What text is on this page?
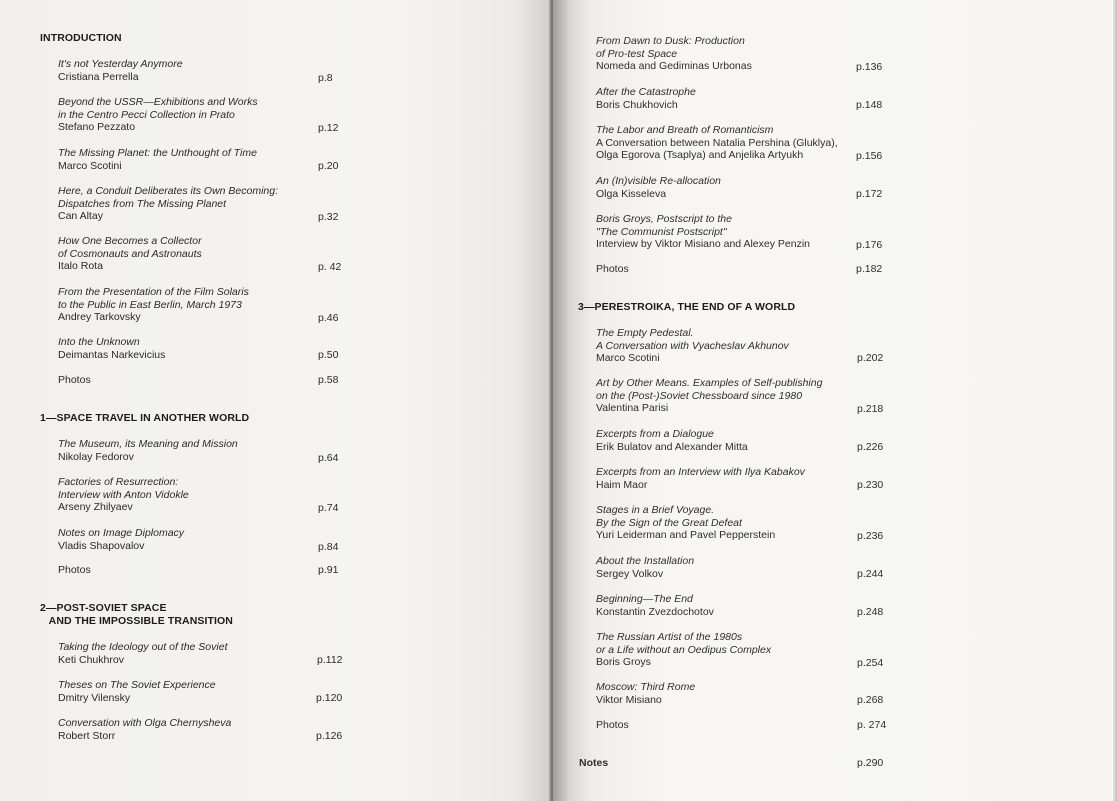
INTRODUCTION
It's not Yesterday Anymore
Cristiana Perrella	p.8
Beyond the USSR—Exhibitions and Works
in the Centro Pecci Collection in Prato
Stefano Pezzato	p.12
The Missing Planet: the Unthought of Time
Marco Scotini	p.20
Here, a Conduit Deliberates its Own Becoming:
Dispatches from The Missing Planet
Can Altay	p.32
How One Becomes a Collector
of Cosmonauts and Astronauts
Italo Rota	p. 42
From the Presentation of the Film Solaris
to the Public in East Berlin, March 1973
Andrey Tarkovsky	p.46
Into the Unknown
Deimantas Narkevicius	p.50
Photos	p.58
1—SPACE TRAVEL IN ANOTHER WORLD
The Museum, its Meaning and Mission
Nikolay Fedorov	p.64
Factories of Resurrection:
Interview with Anton Vidokle
Arseny Zhilyaev	p.74
Notes on Image Diplomacy
Vladis Shapovalov	p.84
Photos	p.91
2—POST-SOVIET SPACE
AND THE IMPOSSIBLE TRANSITION
Taking the Ideology out of the Soviet
Keti Chukhrov	p.112
Theses on The Soviet Experience
Dmitry Vilensky	p.120
Conversation with Olga Chernysheva
Robert Storr	p.126
From Dawn to Dusk: Production
of Pro-test Space
Nomeda and Gediminas Urbonas	p.136
After the Catastrophe
Boris Chukhovich	p.148
The Labor and Breath of Romanticism
A Conversation between Natalia Pershina (Gluklya),
Olga Egorova (Tsaplya) and Anjelika Artyukh	p.156
An (In)visible Re-allocation
Olga Kisseleva	p.172
Boris Groys, Postscript to the
"The Communist Postscript"
Interview by Viktor Misiano and Alexey Penzin	p.176
Photos	p.182
3—PERESTROIKA, THE END OF A WORLD
The Empty Pedestal.
A Conversation with Vyacheslav Akhunov
Marco Scotini	p.202
Art by Other Means. Examples of Self-publishing
on the (Post-)Soviet Chessboard since 1980
Valentina Parisi	p.218
Excerpts from a Dialogue
Erik Bulatov and Alexander Mitta	p.226
Excerpts from an Interview with Ilya Kabakov
Haim Maor	p.230
Stages in a Brief Voyage.
By the Sign of the Great Defeat
Yuri Leiderman and Pavel Pepperstein	p.236
About the Installation
Sergey Volkov	p.244
Beginning—The End
Konstantin Zvezdochotov	p.248
The Russian Artist of the 1980s
or a Life without an Oedipus Complex
Boris Groys	p.254
Moscow: Third Rome
Viktor Misiano	p.268
Photos	p. 274
Notes	p.290
